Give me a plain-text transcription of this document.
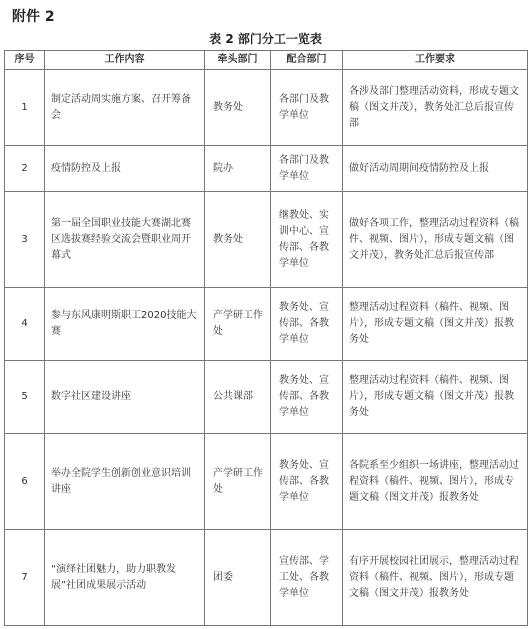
附件 2
表 2 部门分工一览表
序号	工作内容	牵头部门	配合部门	工作要求
1	制定活动周实施方案、召开筹备会	教务处	各部门及教学单位	各涉及部门整理活动资料，形成专题文稿（图文并茂），教务处汇总后报宣传部
2	疫情防控及上报	院办	各部门及教学单位	做好活动周期间疫情防控及上报
3	第一届全国职业技能大赛湖北赛区选拔赛经验交流会暨职业周开幕式	教务处	继教处、实训中心、宣传部、各教学单位	做好各项工作，整理活动过程资料（稿件、视频、图片），形成专题文稿（图文并茂），教务处汇总后报宣传部
4	参与东风康明斯职工2020技能大赛	产学研工作处	教务处、宣传部、各教学单位	整理活动过程资料（稿件、视频、图片），形成专题文稿（图文并茂）报教务处
5	数字社区建设讲座	公共课部	教务处、宣传部、各教学单位	整理活动过程资料（稿件、视频、图片），形成专题文稿（图文并茂）报教务处
6	举办全院学生创新创业意识培训讲座	产学研工作处	教务处、宣传部、各教学单位	各院系至少组织一场讲座，整理活动过程资料（稿件、视频、图片），形成专题文稿（图文并茂）报教务处
7	“演绎社团魅力，助力职教发展”社团成果展示活动	团委	宣传部、学工处、各教学单位	有序开展校园社团展示，整理活动过程资料（稿件、视频、图片），形成专题文稿（图文并茂）报教务处
